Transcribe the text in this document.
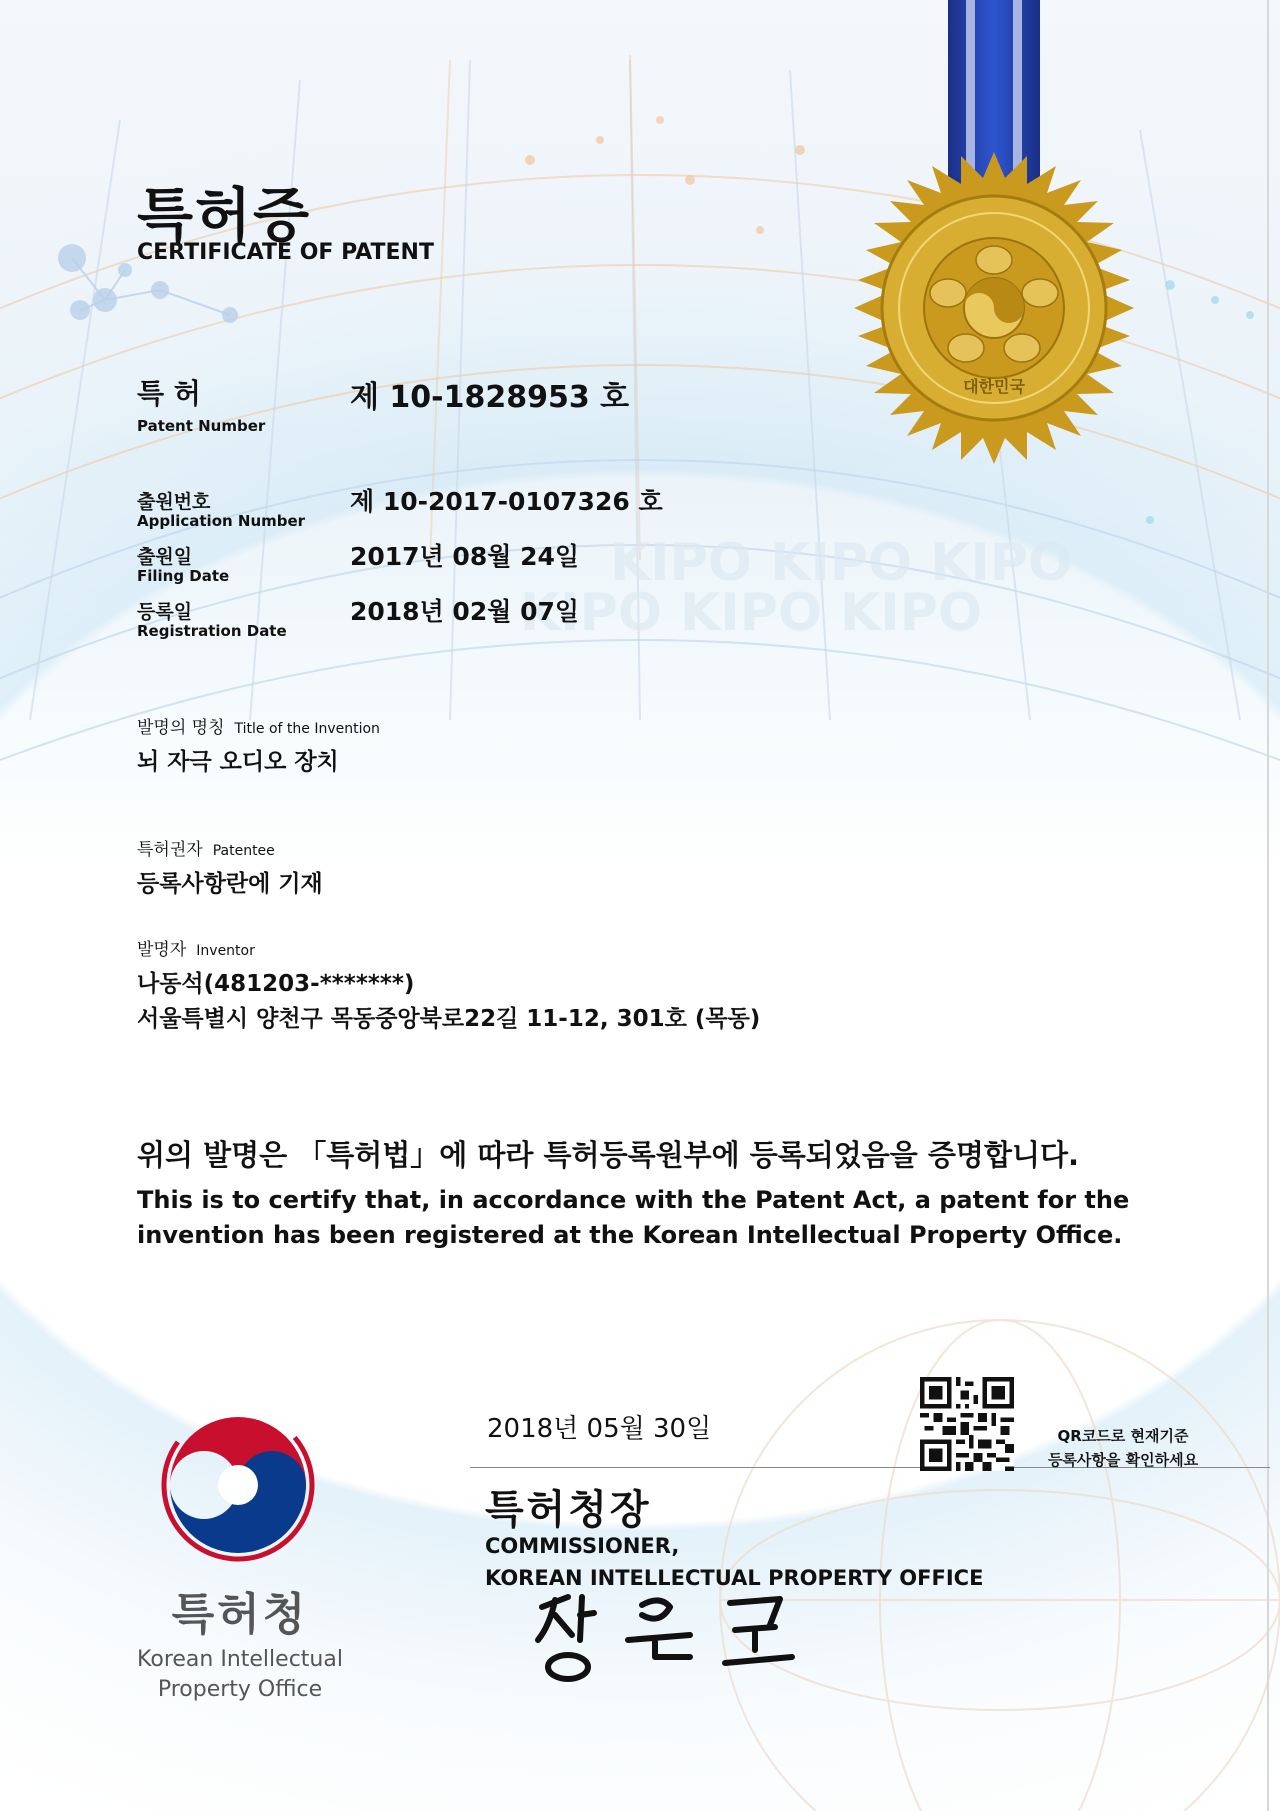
KIPO KIPO KIPO
KIPO KIPO KIPO
대한민국
특허증
CERTIFICATE OF PATENT
특 허
Patent Number
제 10-1828953 호
출원번호
Application Number
제 10-2017-0107326 호
출원일
Filing Date
2017년 08월 24일
등록일
Registration Date
2018년 02월 07일
발명의 명칭 Title of the Invention
뇌 자극 오디오 장치
특허권자 Patentee
등록사항란에 기재
발명자 Inventor
나동석(481203-*******)
서울특별시 양천구 목동중앙북로22길 11-12, 301호 (목동)
위의 발명은 「특허법」에 따라 특허등록원부에 등록되었음을 증명합니다.
This is to certify that, in accordance with the Patent Act, a patent for the invention has been registered at the Korean Intellectual Property Office.
2018년 05월 30일
특허청장
COMMISSIONER,
KOREAN INTELLECTUAL PROPERTY OFFICE
QR코드로 현재기준
등록사항을 확인하세요
특허청
Korean Intellectual
Property Office
